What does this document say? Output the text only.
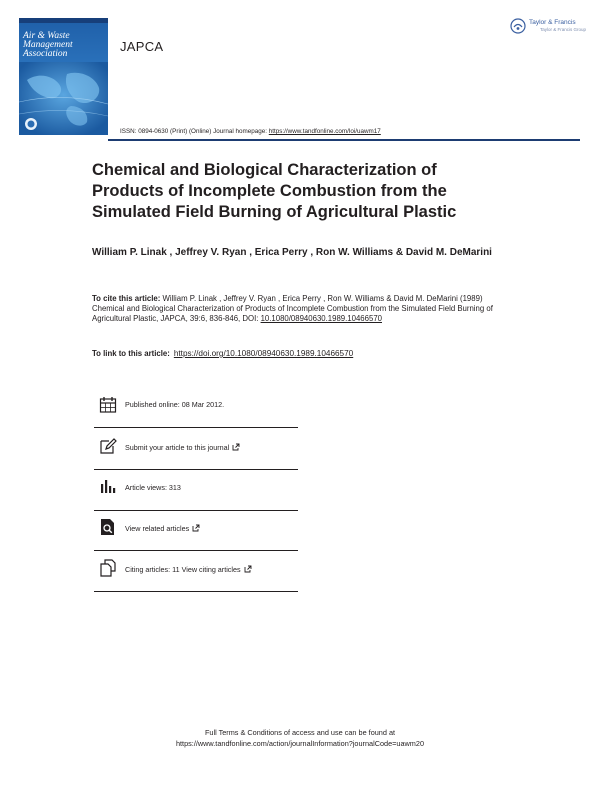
Air & Waste
Management
Association	JAPCA
ISSN: 0894-0630 (Print) (Online) Journal homepage: https://www.tandfonline.com/loi/uawm17
Taylor & Francis
Taylor & Francis Group
Chemical and Biological Characterization of Products of Incomplete Combustion from the Simulated Field Burning of Agricultural Plastic
William P. Linak , Jeffrey V. Ryan , Erica Perry , Ron W. Williams & David M. DeMarini
To cite this article: William P. Linak , Jeffrey V. Ryan , Erica Perry , Ron W. Williams & David M. DeMarini (1989) Chemical and Biological Characterization of Products of Incomplete Combustion from the Simulated Field Burning of Agricultural Plastic, JAPCA, 39:6, 836-846, DOI: 10.1080/08940630.1989.10466570
To link to this article: https://doi.org/10.1080/08940630.1989.10466570
Published online: 08 Mar 2012.
Submit your article to this journal
Article views: 313
View related articles
Citing articles: 11 View citing articles
Full Terms & Conditions of access and use can be found at
https://www.tandfonline.com/action/journalInformation?journalCode=uawm20
